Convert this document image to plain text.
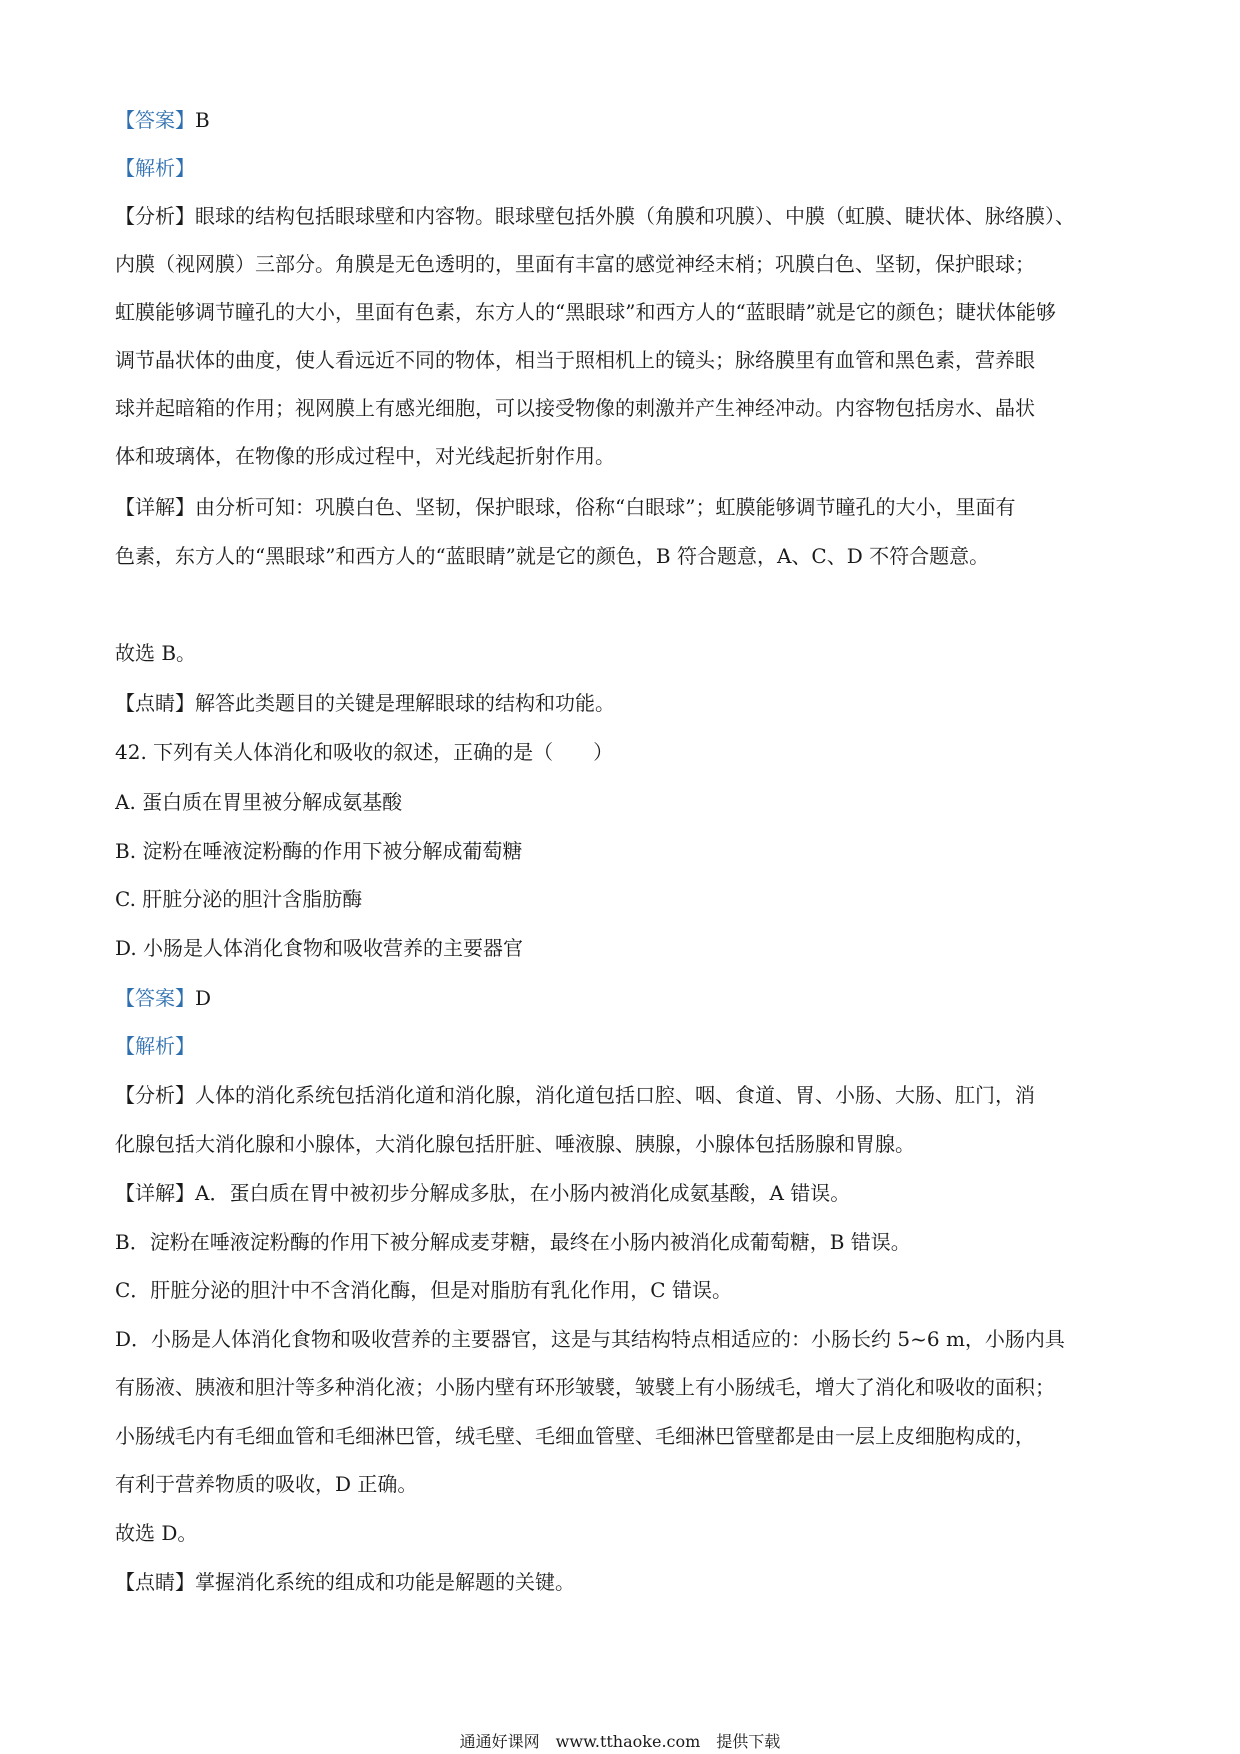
【答案】B
【解析】
【分析】眼球的结构包括眼球壁和内容物。眼球壁包括外膜（角膜和巩膜）、中膜（虹膜、睫状体、脉络膜）、
内膜（视网膜）三部分。角膜是无色透明的，里面有丰富的感觉神经末梢；巩膜白色、坚韧，保护眼球；
虹膜能够调节瞳孔的大小，里面有色素，东方人的“黑眼球”和西方人的“蓝眼睛”就是它的颜色；睫状体能够
调节晶状体的曲度，使人看远近不同的物体，相当于照相机上的镜头；脉络膜里有血管和黑色素，营养眼
球并起暗箱的作用；视网膜上有感光细胞，可以接受物像的刺激并产生神经冲动。内容物包括房水、晶状
体和玻璃体，在物像的形成过程中，对光线起折射作用。
【详解】由分析可知：巩膜白色、坚韧，保护眼球，俗称“白眼球”；虹膜能够调节瞳孔的大小，里面有
色素，东方人的“黑眼球”和西方人的“蓝眼睛”就是它的颜色，B 符合题意，A、C、D 不符合题意。
故选 B。
【点睛】解答此类题目的关键是理解眼球的结构和功能。
42. 下列有关人体消化和吸收的叙述，正确的是（　　）
A. 蛋白质在胃里被分解成氨基酸
B. 淀粉在唾液淀粉酶的作用下被分解成葡萄糖
C. 肝脏分泌的胆汁含脂肪酶
D. 小肠是人体消化食物和吸收营养的主要器官
【答案】D
【解析】
【分析】人体的消化系统包括消化道和消化腺，消化道包括口腔、咽、食道、胃、小肠、大肠、肛门，消
化腺包括大消化腺和小腺体，大消化腺包括肝脏、唾液腺、胰腺，小腺体包括肠腺和胃腺。
【详解】A．蛋白质在胃中被初步分解成多肽，在小肠内被消化成氨基酸，A 错误。
B．淀粉在唾液淀粉酶的作用下被分解成麦芽糖，最终在小肠内被消化成葡萄糖，B 错误。
C．肝脏分泌的胆汁中不含消化酶，但是对脂肪有乳化作用，C 错误。
D．小肠是人体消化食物和吸收营养的主要器官，这是与其结构特点相适应的：小肠长约 5~6 m，小肠内具
有肠液、胰液和胆汁等多种消化液；小肠内壁有环形皱襞，皱襞上有小肠绒毛，增大了消化和吸收的面积；
小肠绒毛内有毛细血管和毛细淋巴管，绒毛壁、毛细血管壁、毛细淋巴管壁都是由一层上皮细胞构成的，
有利于营养物质的吸收，D 正确。
故选 D。
【点睛】掌握消化系统的组成和功能是解题的关键。
通通好课网　www.tthaoke.com　提供下载
